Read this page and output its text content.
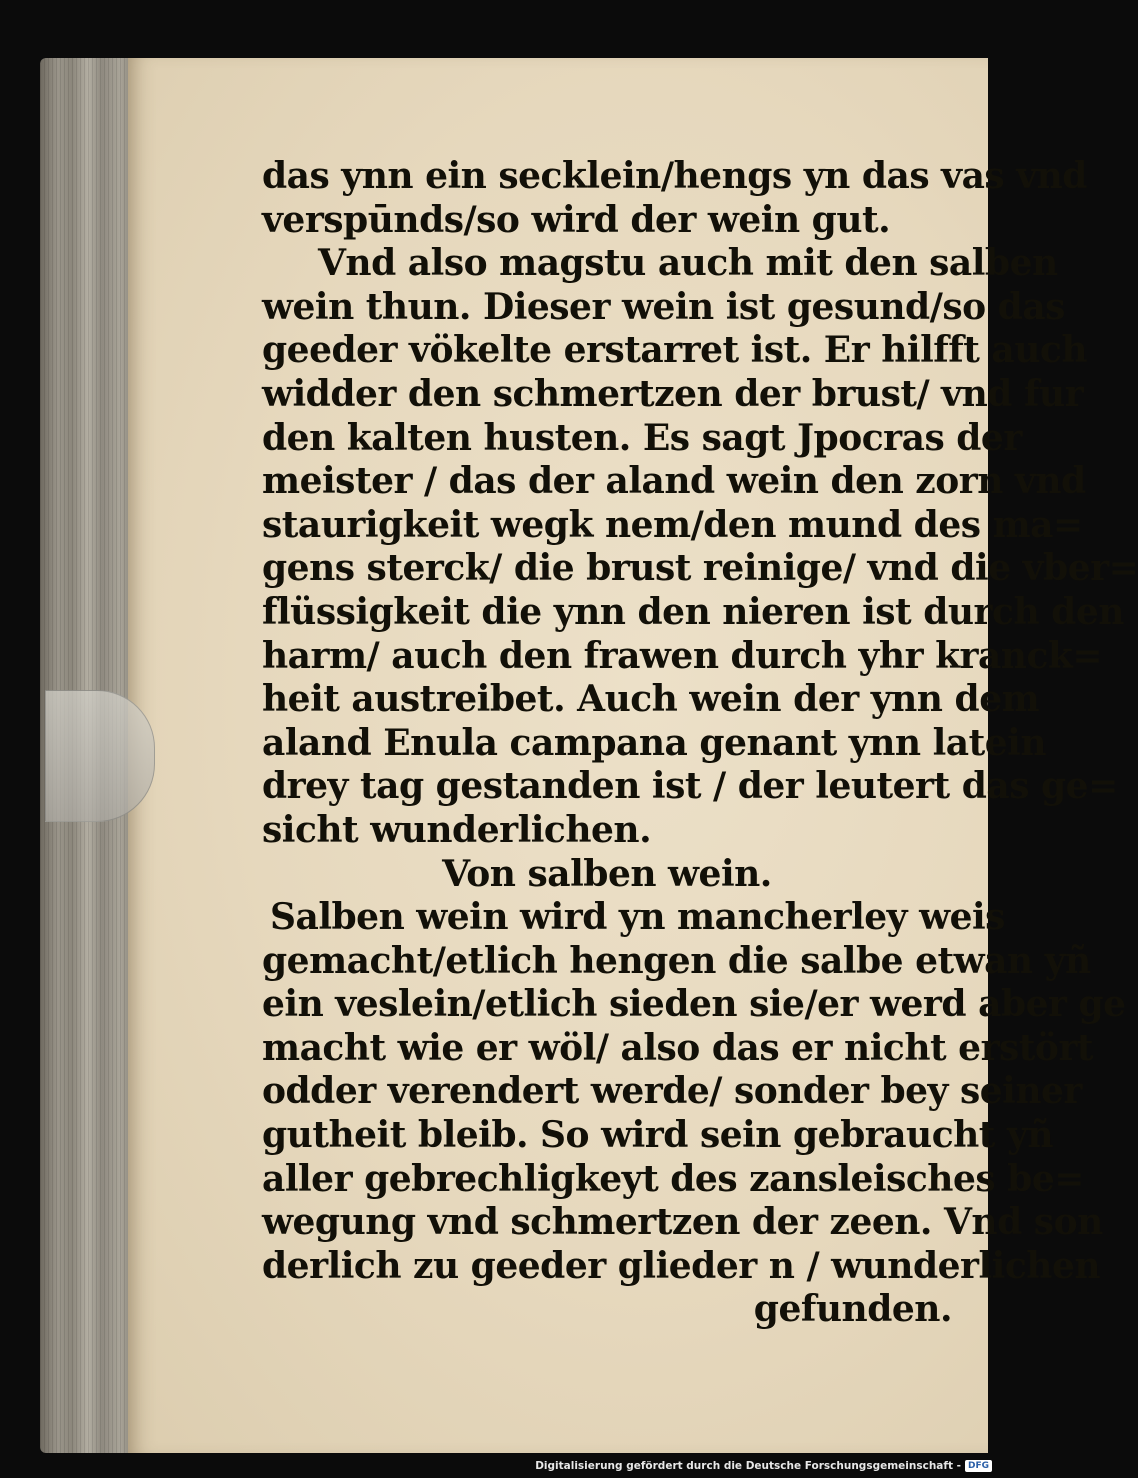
das ynn ein secklein/hengs yn das vas vnd
verspūnds/so wird der wein gut.
Vnd also magstu auch mit den salben
wein thun. Dieser wein ist gesund/so das
geeder vökelte erstarret ist. Er hilfft auch
widder den schmertzen der brust/ vnd fur
den kalten husten. Es sagt Jpocras der
meister / das der aland wein den zorn vnd
staurigkeit wegk nem/den mund des ma=
gens sterck/ die brust reinige/ vnd die vber=
flüssigkeit die ynn den nieren ist durch den
harm/ auch den frawen durch yhr kranck=
heit austreibet. Auch wein der ynn dem
aland Enula campana genant ynn latein
drey tag gestanden ist / der leutert das ge=
sicht wunderlichen.
Von salben wein.
Salben wein wird yn mancherley weis
gemacht/etlich hengen die salbe etwan yñ
ein veslein/etlich sieden sie/er werd aber ge
macht wie er wöl/ also das er nicht erstört
odder verendert werde/ sonder bey seiner
gutheit bleib. So wird sein gebraucht yñ
aller gebrechligkeyt des zansleisches be=
wegung vnd schmertzen der zeen. Vnd son
derlich zu geeder glieder n / wunderlichen
gefunden.
Digitalisierung gefördert durch die Deutsche Forschungsgemeinschaft - DFG
